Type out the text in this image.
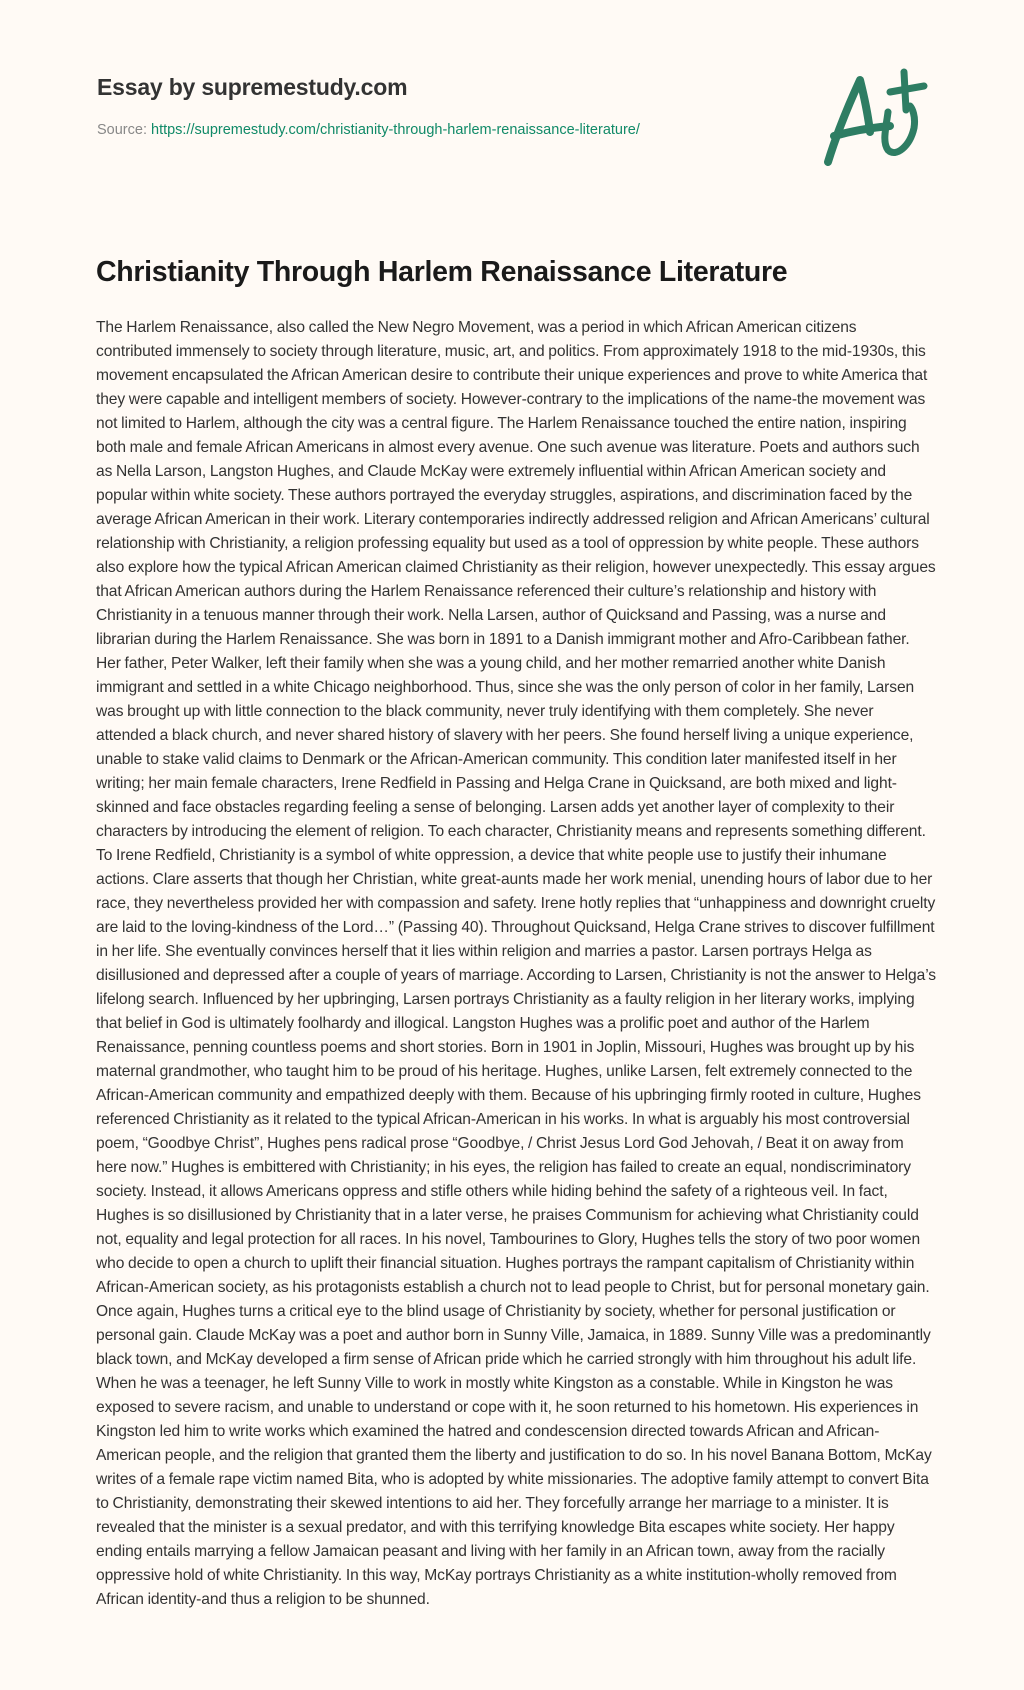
Essay by supremestudy.com
Source: https://supremestudy.com/christianity-through-harlem-renaissance-literature/
Christianity Through Harlem Renaissance Literature

The Harlem Renaissance, also called the New Negro Movement, was a period in which African American citizens contributed immensely to society through literature, music, art, and politics. From approximately 1918 to the mid-1930s, this movement encapsulated the African American desire to contribute their unique experiences and prove to white America that they were capable and intelligent members of society. However-contrary to the implications of the name-the movement was not limited to Harlem, although the city was a central figure. The Harlem Renaissance touched the entire nation, inspiring both male and female African Americans in almost every avenue. One such avenue was literature. Poets and authors such as Nella Larson, Langston Hughes, and Claude McKay were extremely influential within African American society and popular within white society. These authors portrayed the everyday struggles, aspirations, and discrimination faced by the average African American in their work. Literary contemporaries indirectly addressed religion and African Americans’ cultural relationship with Christianity, a religion professing equality but used as a tool of oppression by white people. These authors also explore how the typical African American claimed Christianity as their religion, however unexpectedly. This essay argues that African American authors during the Harlem Renaissance referenced their culture’s relationship and history with Christianity in a tenuous manner through their work. Nella Larsen, author of Quicksand and Passing, was a nurse and librarian during the Harlem Renaissance. She was born in 1891 to a Danish immigrant mother and Afro-Caribbean father. Her father, Peter Walker, left their family when she was a young child, and her mother remarried another white Danish immigrant and settled in a white Chicago neighborhood. Thus, since she was the only person of color in her family, Larsen was brought up with little connection to the black community, never truly identifying with them completely. She never attended a black church, and never shared history of slavery with her peers. She found herself living a unique experience, unable to stake valid claims to Denmark or the African-American community. This condition later manifested itself in her writing; her main female characters, Irene Redfield in Passing and Helga Crane in Quicksand, are both mixed and light-skinned and face obstacles regarding feeling a sense of belonging. Larsen adds yet another layer of complexity to their characters by introducing the element of religion. To each character, Christianity means and represents something different. To Irene Redfield, Christianity is a symbol of white oppression, a device that white people use to justify their inhumane actions. Clare asserts that though her Christian, white great-aunts made her work menial, unending hours of labor due to her race, they nevertheless provided her with compassion and safety. Irene hotly replies that “unhappiness and downright cruelty are laid to the loving-kindness of the Lord…” (Passing 40). Throughout Quicksand, Helga Crane strives to discover fulfillment in her life. She eventually convinces herself that it lies within religion and marries a pastor. Larsen portrays Helga as disillusioned and depressed after a couple of years of marriage. According to Larsen, Christianity is not the answer to Helga’s lifelong search. Influenced by her upbringing, Larsen portrays Christianity as a faulty religion in her literary works, implying that belief in God is ultimately foolhardy and illogical. Langston Hughes was a prolific poet and author of the Harlem Renaissance, penning countless poems and short stories. Born in 1901 in Joplin, Missouri, Hughes was brought up by his maternal grandmother, who taught him to be proud of his heritage. Hughes, unlike Larsen, felt extremely connected to the African-American community and empathized deeply with them. Because of his upbringing firmly rooted in culture, Hughes referenced Christianity as it related to the typical African-American in his works. In what is arguably his most controversial poem, “Goodbye Christ”, Hughes pens radical prose “Goodbye, / Christ Jesus Lord God Jehovah, / Beat it on away from here now.” Hughes is embittered with Christianity; in his eyes, the religion has failed to create an equal, nondiscriminatory society. Instead, it allows Americans oppress and stifle others while hiding behind the safety of a righteous veil. In fact, Hughes is so disillusioned by Christianity that in a later verse, he praises Communism for achieving what Christianity could not, equality and legal protection for all races. In his novel, Tambourines to Glory, Hughes tells the story of two poor women who decide to open a church to uplift their financial situation. Hughes portrays the rampant capitalism of Christianity within African-American society, as his protagonists establish a church not to lead people to Christ, but for personal monetary gain. Once again, Hughes turns a critical eye to the blind usage of Christianity by society, whether for personal justification or personal gain. Claude McKay was a poet and author born in Sunny Ville, Jamaica, in 1889. Sunny Ville was a predominantly black town, and McKay developed a firm sense of African pride which he carried strongly with him throughout his adult life. When he was a teenager, he left Sunny Ville to work in mostly white Kingston as a constable. While in Kingston he was exposed to severe racism, and unable to understand or cope with it, he soon returned to his hometown. His experiences in Kingston led him to write works which examined the hatred and condescension directed towards African and African-American people, and the religion that granted them the liberty and justification to do so. In his novel Banana Bottom, McKay writes of a female rape victim named Bita, who is adopted by white missionaries. The adoptive family attempt to convert Bita to Christianity, demonstrating their skewed intentions to aid her. They forcefully arrange her marriage to a minister. It is revealed that the minister is a sexual predator, and with this terrifying knowledge Bita escapes white society. Her happy ending entails marrying a fellow Jamaican peasant and living with her family in an African town, away from the racially oppressive hold of white Christianity. In this way, McKay portrays Christianity as a white institution-wholly removed from African identity-and thus a religion to be shunned.
